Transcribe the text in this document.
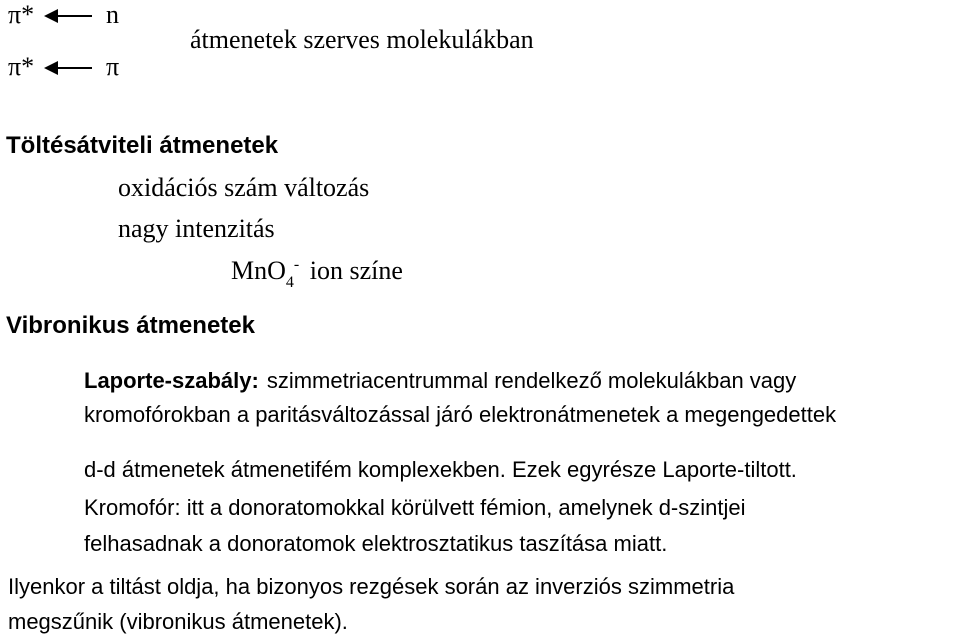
π*	n
π*	π
átmenetek szerves molekulákban
Töltésátviteli átmenetek
oxidációs szám változás
nagy intenzitás
MnO$_4$- ion színe
Vibronikus átmenetek
Laporte-szabály: szimmetriacentrummal rendelkező molekulákban vagy
kromofórokban a paritásváltozással járó elektronátmenetek a megengedettek
d-d átmenetek átmenetifém komplexekben. Ezek egyrésze Laporte-tiltott.
Kromofór: itt a donoratomokkal körülvett fémion, amelynek d-szintjei
felhasadnak a donoratomok elektrosztatikus taszítása miatt.
Ilyenkor a tiltást oldja, ha bizonyos rezgések során az inverziós szimmetria
megszűnik (vibronikus átmenetek).
